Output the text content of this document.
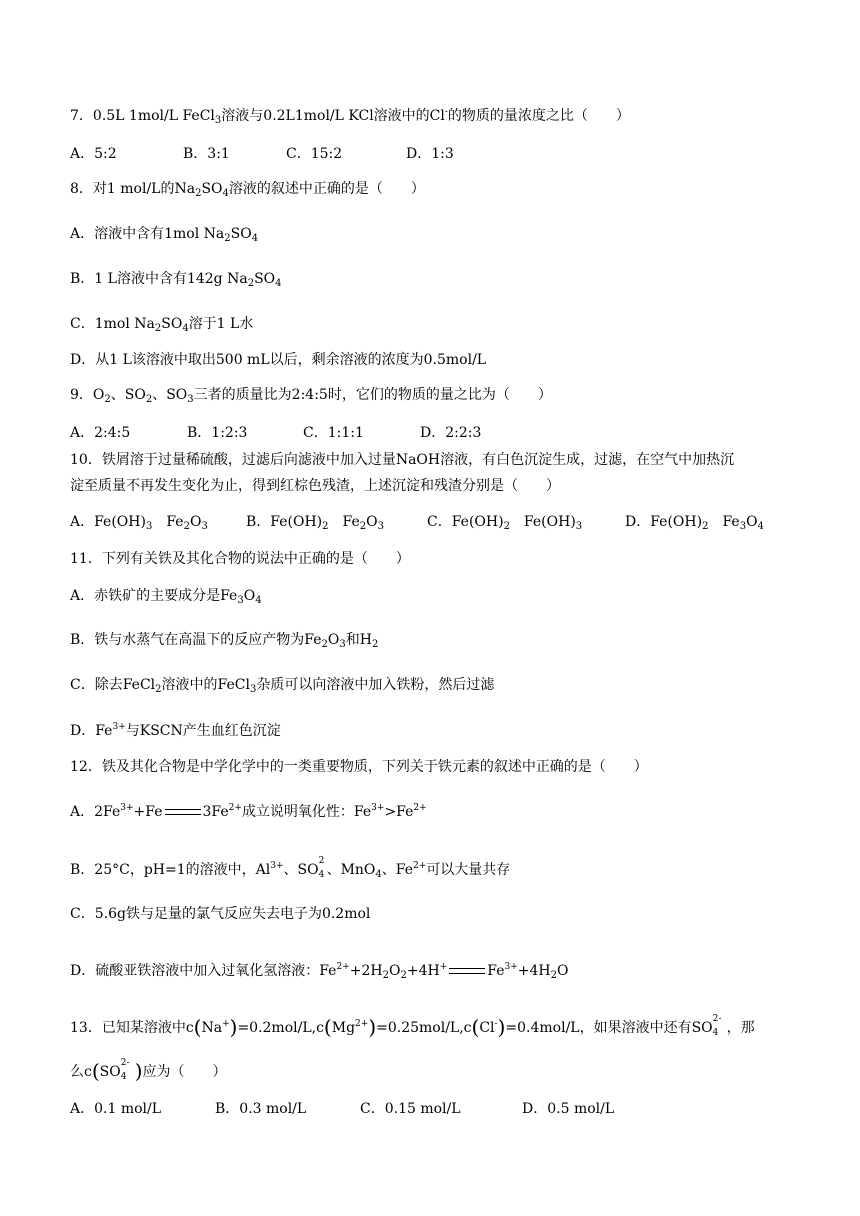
7．0.5L 1mol/L FeCl$_3$溶液与0.2L1mol/L KCl溶液中的Cl-的物质的量浓度之比（　　）
A．5:2	B．3:1	C．15:2	D．1:3
8．对1 mol/L的$Na_2SO_4$溶液的叙述中正确的是（　　）
A．溶液中含有1mol $Na_2SO_4$
B．1 L溶液中含有142g $Na_2SO_4$
C．1mol $Na_2SO_4$溶于1 L水
D．从1 L该溶液中取出500 mL以后，剩余溶液的浓度为0.5mol/L
9．$O_2$、$SO_2$、$SO_3$三者的质量比为2:4:5时，它们的物质的量之比为（　　）
A．2:4:5	B．1:2:3	C．1:1:1	D．2:2:3
10．铁屑溶于过量稀硫酸，过滤后向滤液中加入过量NaOH溶液，有白色沉淀生成，过滤，在空气中加热沉
淀至质量不再发生变化为止，得到红棕色残渣，上述沉淀和残渣分别是（　　）
A．$Fe(OH)_3$　$Fe_2O_3$	B．$Fe(OH)_2$　$Fe_2O_3$	C．$Fe(OH)_2$　$Fe(OH)_3$	D．$Fe(OH)_2$　$Fe_3O_4$
11．下列有关铁及其化合物的说法中正确的是（　　）
A．赤铁矿的主要成分是$Fe_3O_4$
B．铁与水蒸气在高温下的反应产物为$Fe_2O_3$和$H_2$
C．除去FeCl$_2$溶液中的FeCl$_3$杂质可以向溶液中加入铁粉，然后过滤
D．$Fe^{3+}$与KSCN产生血红色沉淀
12．铁及其化合物是中学化学中的一类重要物质，下列关于铁元素的叙述中正确的是（　　）
A．$2Fe^{3+}+Fe$	$3Fe^{2+}$成立说明氧化性：$Fe^{3+}>Fe^{2+}$
B．25°C，pH=1的溶液中，$Al^{3+}$、SO
2
4 、MnO$_4$、$Fe^{2+}$可以大量共存
C．5.6g铁与足量的氯气反应失去电子为0.2mol
D．硫酸亚铁溶液中加入过氧化氢溶液：$Fe^{2+}+2H_2O_2+4H^+$	$Fe^{3+}+4H_2O$
13．已知某溶液中$c(Na^+)=0.2mol/L,c(Mg^{2+})=0.25mol/L,c(Cl^-)=0.4mol/L$，如果溶液中还有SO
2-
4 ，那
么c(SO
2-
4 )应为（　　）
A．0.1 mol/L	B．0.3 mol/L	C．0.15 mol/L	D．0.5 mol/L
